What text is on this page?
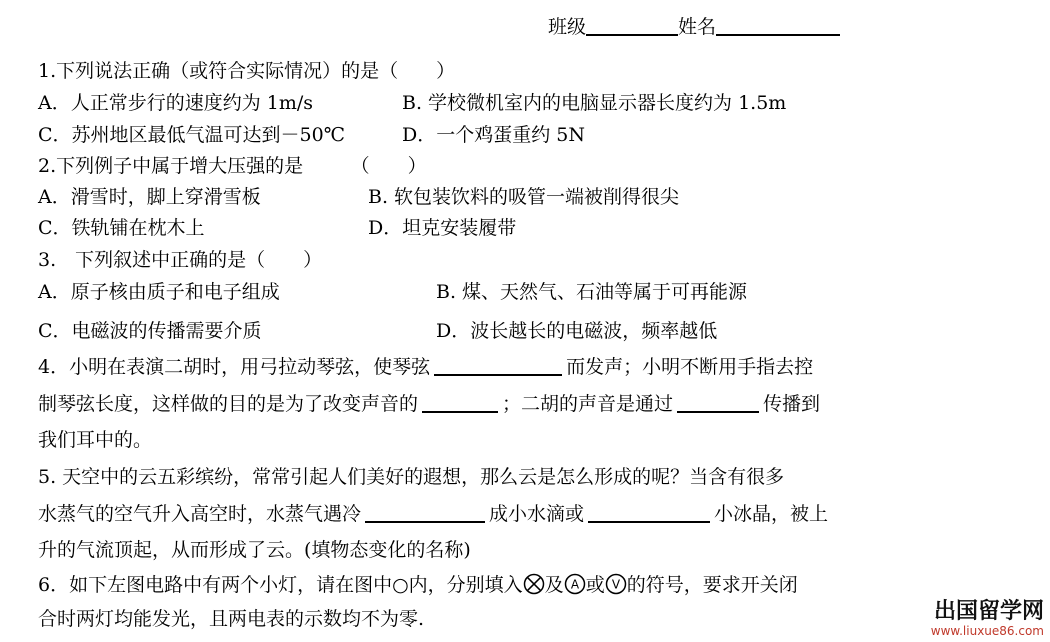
班级	姓名
1.下列说法正确（或符合实际情况）的是（　　）
A．人正常步行的速度约为 1m/s	B. 学校微机室内的电脑显示器长度约为 1.5m
C．苏州地区最低气温可达到－50℃	D．一个鸡蛋重约 5N
2.下列例子中属于增大压强的是　　　（　　）
A．滑雪时，脚上穿滑雪板	B. 软包装饮料的吸管一端被削得很尖
C．铁轨铺在枕木上	D．坦克安装履带
3.　下列叙述中正确的是（　　）
A．原子核由质子和电子组成	B. 煤、天然气、石油等属于可再能源
C．电磁波的传播需要介质	D．波长越长的电磁波，频率越低
4．小明在表演二胡时，用弓拉动琴弦，使琴弦	而发声；小明不断用手指去控
制琴弦长度，这样做的目的是为了改变声音的	；二胡的声音是通过	传播到
我们耳中的。
5. 天空中的云五彩缤纷，常常引起人们美好的遐想，那么云是怎么形成的呢？当含有很多
水蒸气的空气升入高空时，水蒸气遇冷	成小水滴或	小冰晶，被上
升的气流顶起，从而形成了云。(填物态变化的名称)
6．如下左图电路中有两个小灯，请在图中○内，分别填入 及 A 或 V 的符号，要求开关闭
合时两灯均能发光，且两电表的示数均不为零.	出国留学网
www.liuxue86.com
